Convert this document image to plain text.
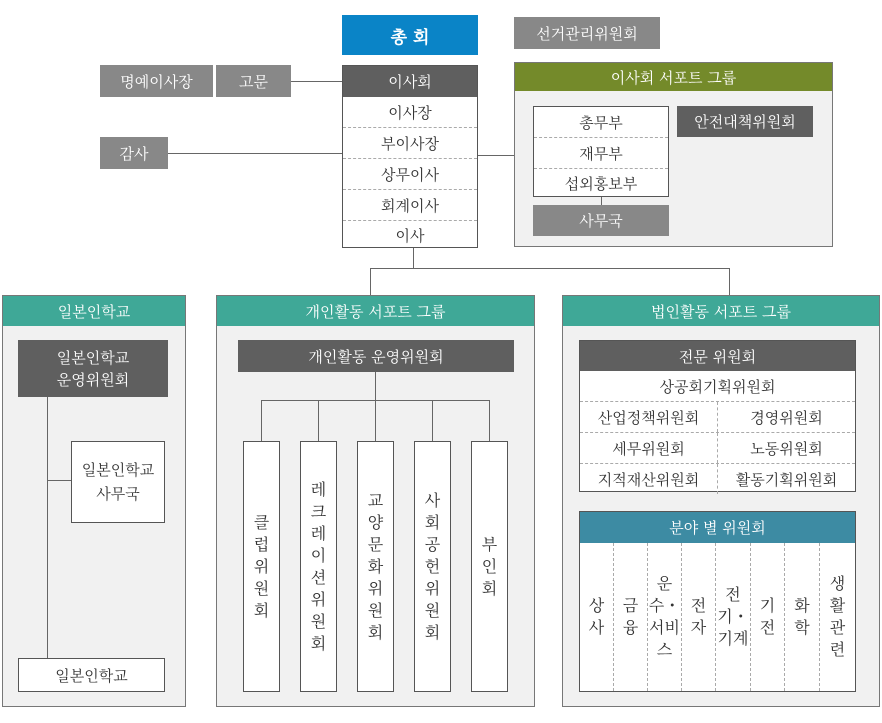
총 회	선거관리위원회
명예이사장	고문
감사
이사회
이사장
부이사장
상무이사
회계이사
이사
이사회 서포트 그룹
총무부
재무부
섭외홍보부
안전대책위원회
사무국
일본인학교
일본인학교
운영위원회
일본인학교
사무국
일본인학교
개인활동 서포트 그룹
개인활동 운영위원회
클럽위원회
레크레이션위원회
교양문화위원회
사회공헌위원회
부인회
법인활동 서포트 그룹
전문 위원회
상공회기획위원회
산업정책위원회	경영위원회
세무위원회	노동위원회
지적재산위원회	활동기획위원회
분야 별 위원회
상사
금융
운수・서비스
전자
전기・기계
기전
화학
생활관련
